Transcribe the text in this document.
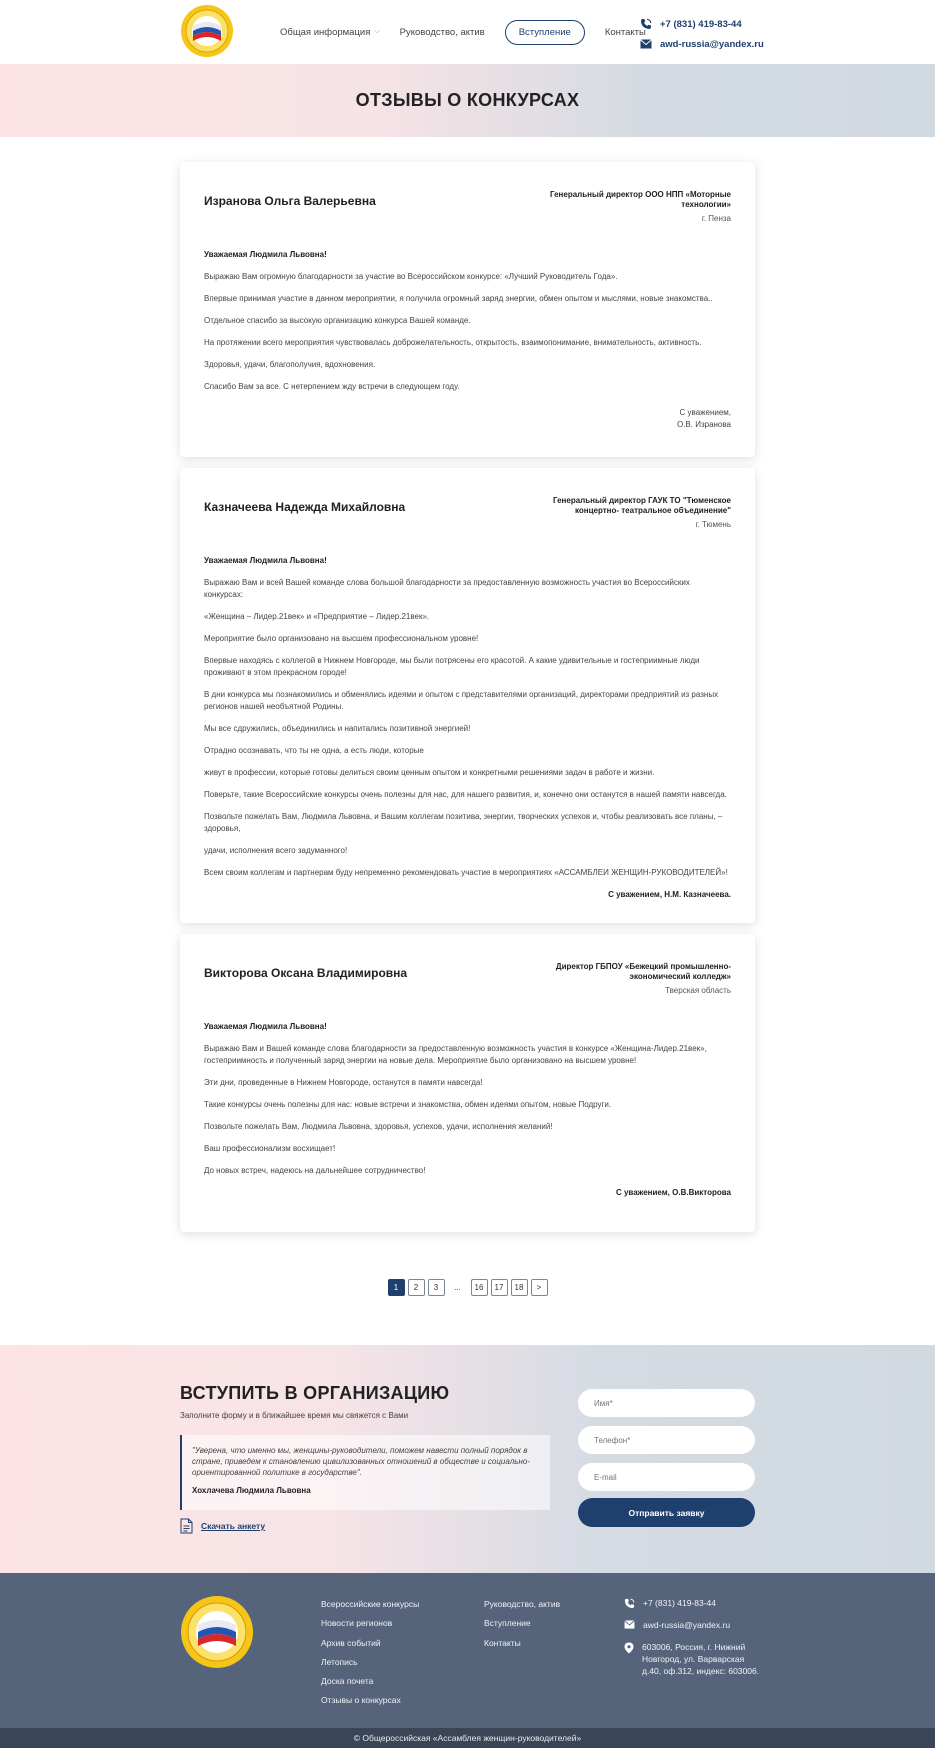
Общая информация ⌵ Руководство, актив	Вступление	Контакты
+7 (831) 419-83-44
awd-russia@yandex.ru
ОТЗЫВЫ О КОНКУРСАХ
Изранова Ольга Валерьевна	Генеральный директор ООО НПП «Моторные технологии»
г. Пенза

Уважаемая Людмила Львовна!

Выражаю Вам огромную благодарности за участие во Всероссийском конкурсе: «Лучший Руководитель Года».

Впервые принимая участие в данном мероприятии, я получила огромный заряд энергии, обмен опытом и мыслями, новые знакомства..

Отдельное спасибо за высокую организацию конкурса Вашей команде.

На протяжении всего мероприятия чувствовалась доброжелательность, открытость, взаимопонимание, внимательность, активность.

Здоровья, удачи, благополучия, вдохновения.

Спасибо Вам за все. С нетерпением жду встречи в следующем году.

С уважением,

О.В. Изранова

Казначеева Надежда Михайловна	Генеральный директор ГАУК ТО "Тюменское концертно- театральное объединение"
г. Тюмень

Уважаемая Людмила Львовна!

Выражаю Вам и всей Вашей команде слова большой благодарности за предоставленную возможность участия во Всероссийских конкурсах:

«Женщина – Лидер.21век» и «Предприятие – Лидер.21век».

Мероприятие было организовано на высшем профессиональном уровне!

Впервые находясь с коллегой в Нижнем Новгороде, мы были потрясены его красотой. А какие удивительные и гостеприимные люди проживают в этом прекрасном городе!

В дни конкурса мы познакомились и обменялись идеями и опытом с представителями организаций, директорами предприятий из разных регионов нашей необъятной Родины.

Мы все сдружились, объединились и напитались позитивной энергией!

Отрадно осознавать, что ты не одна, а есть люди, которые

живут в профессии, которые готовы делиться своим ценным опытом и конкретными решениями задач в работе и жизни.

Поверьте, такие Всероссийские конкурсы очень полезны для нас, для нашего развития, и, конечно они останутся в нашей памяти навсегда.

Позвольте пожелать Вам, Людмила Львовна, и Вашим коллегам позитива, энергии, творческих успехов и, чтобы реализовать все планы, – здоровья,

удачи, исполнения всего задуманного!

Всем своим коллегам и партнерам буду непременно рекомендовать участие в мероприятиях «АССАМБЛЕИ ЖЕНЩИН-РУКОВОДИТЕЛЕЙ»!

С уважением, Н.М. Казначеева.

Викторова Оксана Владимировна	Директор ГБПОУ «Бежецкий промышленно-экономический колледж»
Тверская область

Уважаемая Людмила Львовна!

Выражаю Вам и Вашей команде слова благодарности за предоставленную возможность участия в конкурсе «Женщина-Лидер.21век», гостеприимность и полученный заряд энергии на новые дела. Мероприятие было организовано на высшем уровне!

Эти дни, проведенные в Нижнем Новгороде, останутся в памяти навсегда!

Такие конкурсы очень полезны для нас: новые встречи и знакомства, обмен идеями опытом, новые Подруги.

Позвольте пожелать Вам, Людмила Львовна, здоровья, успехов, удачи, исполнения желаний!

Ваш профессионализм восхищает!

До новых встреч, надеюсь на дальнейшее сотрудничество!

С уважением, О.В.Викторова

1	2	3	...	16	17	18	>
ВСТУПИТЬ В ОРГАНИЗАЦИЮ
Заполните форму и в ближайшее время мы свяжется с Вами
"Уверена, что именно мы, женщины-руководители, поможем навести полный порядок в стране, приведем к становлению цивилизованных отношений в обществе и социально-ориентированной политике в государстве".
Хохлачева Людмила Львовна
Скачать анкету
Имя*
Телефон*
E-mail
Отправить заявку
Всероссийские конкурсы
Новости регионов
Архив событий
Летопись
Доска почета
Отзывы о конкурсах
Руководство, актив
Вступление
Контакты
+7 (831) 419-83-44
awd-russia@yandex.ru
603006, Россия, г. Нижний Новгород, ул. Варварская д.40, оф.312, индекс: 603006.
© Общероссийская «Ассамблея женщин-руководителей»
